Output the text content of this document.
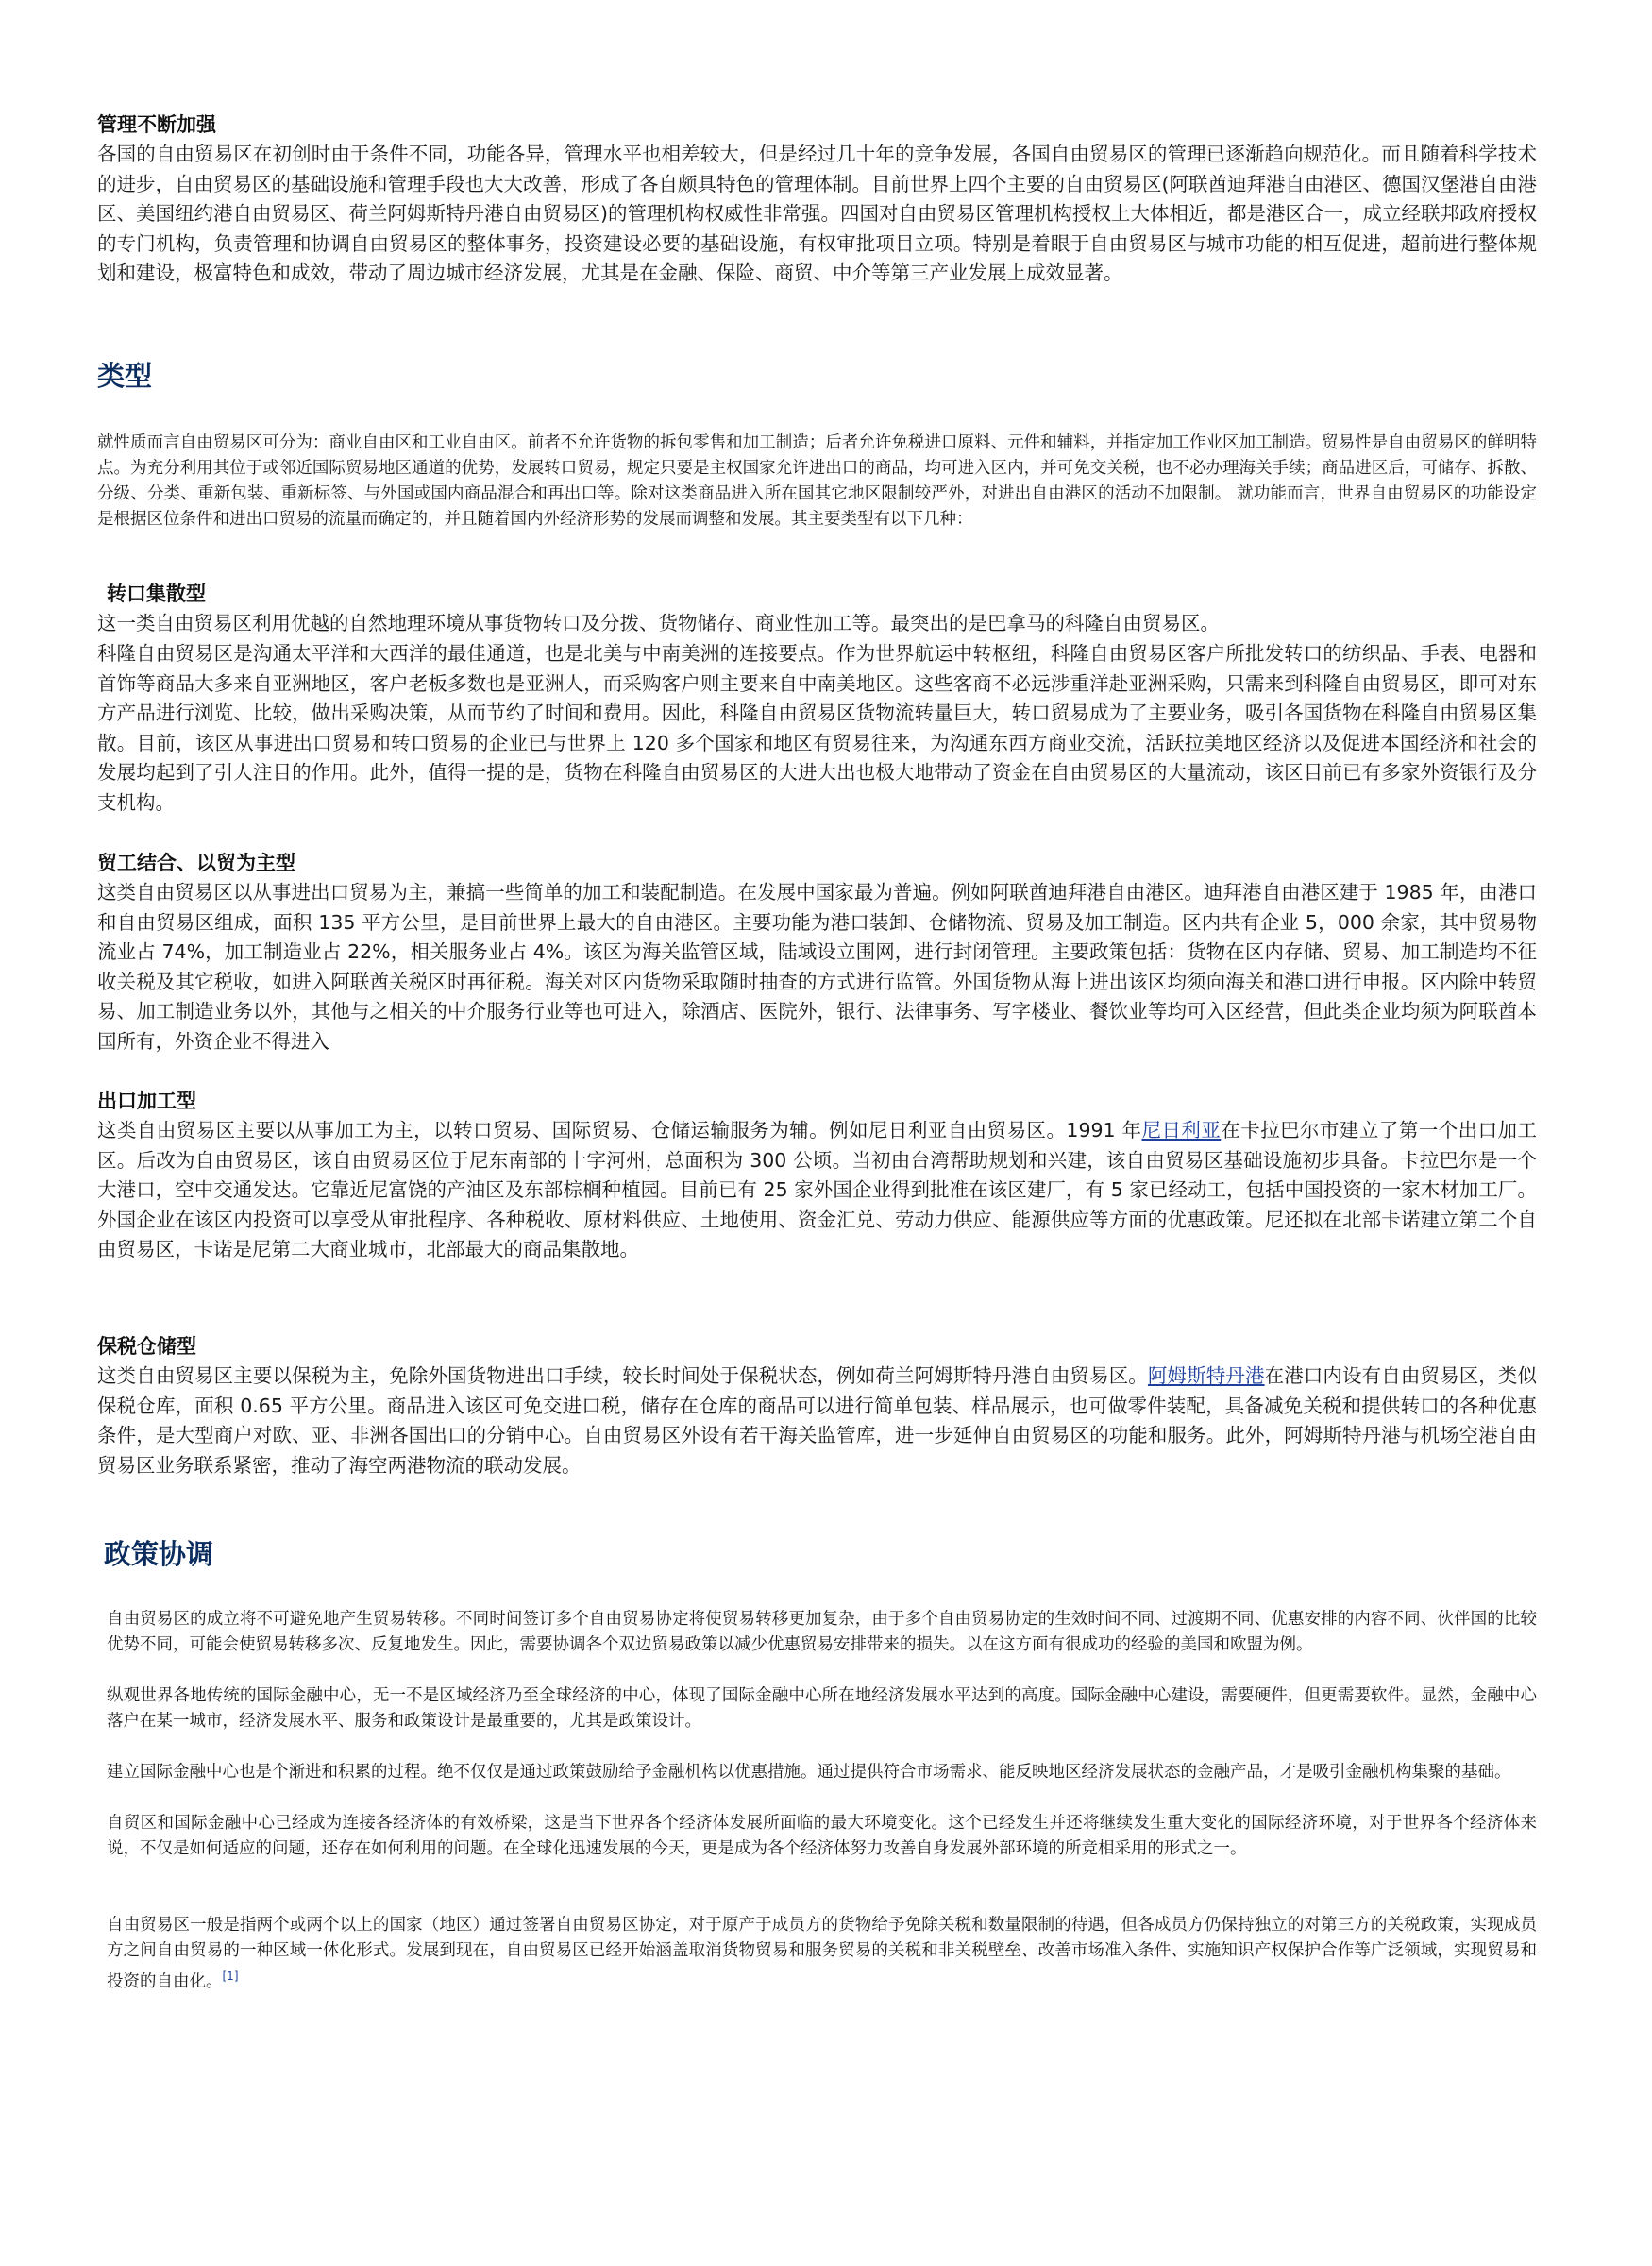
管理不断加强

各国的自由贸易区在初创时由于条件不同，功能各异，管理水平也相差较大，但是经过几十年的竞争发展，各国自由贸易区的管理已逐渐趋向规范化。而且随着科学技术的进步，自由贸易区的基础设施和管理手段也大大改善，形成了各自颇具特色的管理体制。目前世界上四个主要的自由贸易区(阿联酋迪拜港自由港区、德国汉堡港自由港区、美国纽约港自由贸易区、荷兰阿姆斯特丹港自由贸易区)的管理机构权威性非常强。四国对自由贸易区管理机构授权上大体相近，都是港区合一，成立经联邦政府授权的专门机构，负责管理和协调自由贸易区的整体事务，投资建设必要的基础设施，有权审批项目立项。特别是着眼于自由贸易区与城市功能的相互促进，超前进行整体规划和建设，极富特色和成效，带动了周边城市经济发展，尤其是在金融、保险、商贸、中介等第三产业发展上成效显著。

类型

就性质而言自由贸易区可分为：商业自由区和工业自由区。前者不允许货物的拆包零售和加工制造；后者允许免税进口原料、元件和辅料，并指定加工作业区加工制造。贸易性是自由贸易区的鲜明特点。为充分利用其位于或邻近国际贸易地区通道的优势，发展转口贸易，规定只要是主权国家允许进出口的商品，均可进入区内，并可免交关税，也不必办理海关手续；商品进区后，可储存、拆散、分级、分类、重新包装、重新标签、与外国或国内商品混合和再出口等。除对这类商品进入所在国其它地区限制较严外，对进出自由港区的活动不加限制。 就功能而言，世界自由贸易区的功能设定是根据区位条件和进出口贸易的流量而确定的，并且随着国内外经济形势的发展而调整和发展。其主要类型有以下几种：

转口集散型

这一类自由贸易区利用优越的自然地理环境从事货物转口及分拨、货物储存、商业性加工等。最突出的是巴拿马的科隆自由贸易区。

科隆自由贸易区是沟通太平洋和大西洋的最佳通道，也是北美与中南美洲的连接要点。作为世界航运中转枢纽，科隆自由贸易区客户所批发转口的纺织品、手表、电器和首饰等商品大多来自亚洲地区，客户老板多数也是亚洲人，而采购客户则主要来自中南美地区。这些客商不必远涉重洋赴亚洲采购，只需来到科隆自由贸易区，即可对东方产品进行浏览、比较，做出采购决策，从而节约了时间和费用。因此，科隆自由贸易区货物流转量巨大，转口贸易成为了主要业务，吸引各国货物在科隆自由贸易区集散。目前，该区从事进出口贸易和转口贸易的企业已与世界上 120 多个国家和地区有贸易往来，为沟通东西方商业交流，活跃拉美地区经济以及促进本国经济和社会的发展均起到了引人注目的作用。此外，值得一提的是，货物在科隆自由贸易区的大进大出也极大地带动了资金在自由贸易区的大量流动，该区目前已有多家外资银行及分支机构。

贸工结合、以贸为主型

这类自由贸易区以从事进出口贸易为主，兼搞一些简单的加工和装配制造。在发展中国家最为普遍。例如阿联酋迪拜港自由港区。迪拜港自由港区建于 1985 年，由港口和自由贸易区组成，面积 135 平方公里，是目前世界上最大的自由港区。主要功能为港口装卸、仓储物流、贸易及加工制造。区内共有企业 5，000 余家，其中贸易物流业占 74%，加工制造业占 22%，相关服务业占 4%。该区为海关监管区域，陆域设立围网，进行封闭管理。主要政策包括：货物在区内存储、贸易、加工制造均不征收关税及其它税收，如进入阿联酋关税区时再征税。海关对区内货物采取随时抽查的方式进行监管。外国货物从海上进出该区均须向海关和港口进行申报。区内除中转贸易、加工制造业务以外，其他与之相关的中介服务行业等也可进入，除酒店、医院外，银行、法律事务、写字楼业、餐饮业等均可入区经营，但此类企业均须为阿联酋本国所有，外资企业不得进入

出口加工型

这类自由贸易区主要以从事加工为主，以转口贸易、国际贸易、仓储运输服务为辅。例如尼日利亚自由贸易区。1991 年尼日利亚在卡拉巴尔市建立了第一个出口加工区。后改为自由贸易区，该自由贸易区位于尼东南部的十字河州，总面积为 300 公顷。当初由台湾帮助规划和兴建，该自由贸易区基础设施初步具备。卡拉巴尔是一个大港口，空中交通发达。它靠近尼富饶的产油区及东部棕榈种植园。目前已有 25 家外国企业得到批准在该区建厂，有 5 家已经动工，包括中国投资的一家木材加工厂。外国企业在该区内投资可以享受从审批程序、各种税收、原材料供应、土地使用、资金汇兑、劳动力供应、能源供应等方面的优惠政策。尼还拟在北部卡诺建立第二个自由贸易区，卡诺是尼第二大商业城市，北部最大的商品集散地。

保税仓储型

这类自由贸易区主要以保税为主，免除外国货物进出口手续，较长时间处于保税状态，例如荷兰阿姆斯特丹港自由贸易区。阿姆斯特丹港在港口内设有自由贸易区，类似保税仓库，面积 0.65 平方公里。商品进入该区可免交进口税，储存在仓库的商品可以进行简单包装、样品展示，也可做零件装配，具备减免关税和提供转口的各种优惠条件，是大型商户对欧、亚、非洲各国出口的分销中心。自由贸易区外设有若干海关监管库，进一步延伸自由贸易区的功能和服务。此外，阿姆斯特丹港与机场空港自由贸易区业务联系紧密，推动了海空两港物流的联动发展。

政策协调

自由贸易区的成立将不可避免地产生贸易转移。不同时间签订多个自由贸易协定将使贸易转移更加复杂，由于多个自由贸易协定的生效时间不同、过渡期不同、优惠安排的内容不同、伙伴国的比较优势不同，可能会使贸易转移多次、反复地发生。因此，需要协调各个双边贸易政策以减少优惠贸易安排带来的损失。以在这方面有很成功的经验的美国和欧盟为例。

纵观世界各地传统的国际金融中心，无一不是区域经济乃至全球经济的中心，体现了国际金融中心所在地经济发展水平达到的高度。国际金融中心建设，需要硬件，但更需要软件。显然，金融中心落户在某一城市，经济发展水平、服务和政策设计是最重要的，尤其是政策设计。

建立国际金融中心也是个渐进和积累的过程。绝不仅仅是通过政策鼓励给予金融机构以优惠措施。通过提供符合市场需求、能反映地区经济发展状态的金融产品，才是吸引金融机构集聚的基础。

自贸区和国际金融中心已经成为连接各经济体的有效桥梁，这是当下世界各个经济体发展所面临的最大环境变化。这个已经发生并还将继续发生重大变化的国际经济环境，对于世界各个经济体来说，不仅是如何适应的问题，还存在如何利用的问题。在全球化迅速发展的今天，更是成为各个经济体努力改善自身发展外部环境的所竞相采用的形式之一。

自由贸易区一般是指两个或两个以上的国家（地区）通过签署自由贸易区协定，对于原产于成员方的货物给予免除关税和数量限制的待遇，但各成员方仍保持独立的对第三方的关税政策，实现成员方之间自由贸易的一种区域一体化形式。发展到现在，自由贸易区已经开始涵盖取消货物贸易和服务贸易的关税和非关税壁垒、改善市场准入条件、实施知识产权保护合作等广泛领域，实现贸易和投资的自由化。[1]
